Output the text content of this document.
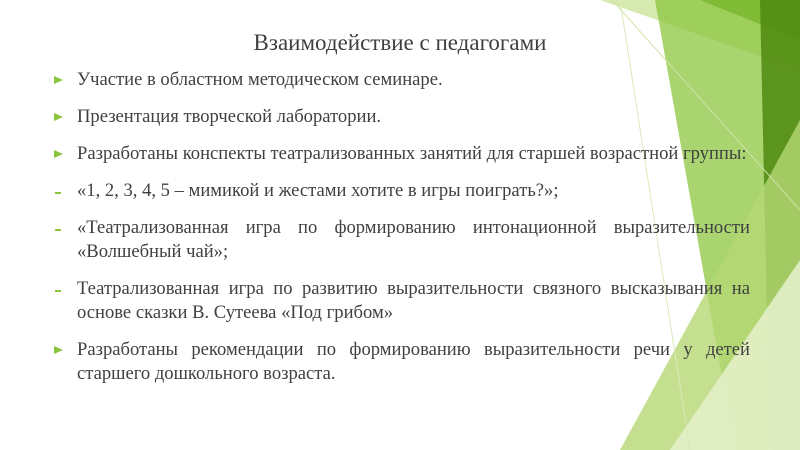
Взаимодействие с педагогами
Участие в областном методическом семинаре.
Презентация творческой лаборатории.
Разработаны конспекты театрализованных занятий для старшей возрастной группы:
«1, 2, 3, 4, 5 – мимикой и жестами хотите в игры поиграть?»;
«Театрализованная игра по формированию интонационной выразительности «Волшебный чай»;
Театрализованная игра по развитию выразительности связного высказывания на основе сказки В. Сутеева «Под грибом»
Разработаны рекомендации по формированию выразительности речи у детей старшего дошкольного возраста.
